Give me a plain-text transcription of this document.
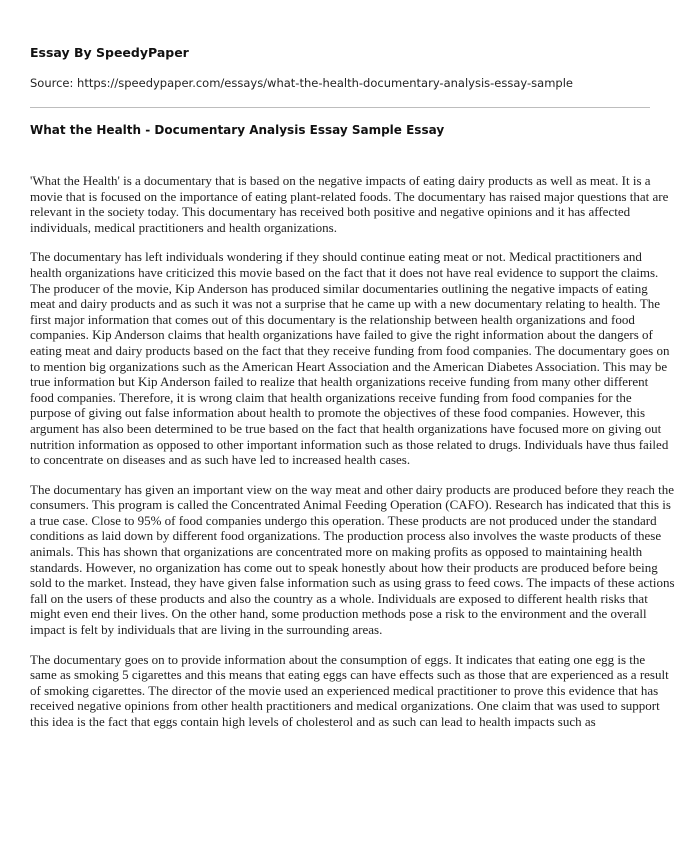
Essay By SpeedyPaper
Source: https://speedypaper.com/essays/what-the-health-documentary-analysis-essay-sample
What the Health - Documentary Analysis Essay Sample Essay

'What the Health' is a documentary that is based on the negative impacts of eating dairy products as well as meat. It is a movie that is focused on the importance of eating plant-related foods. The documentary has raised major questions that are relevant in the society today. This documentary has received both positive and negative opinions and it has affected individuals, medical practitioners and health organizations.

The documentary has left individuals wondering if they should continue eating meat or not. Medical practitioners and health organizations have criticized this movie based on the fact that it does not have real evidence to support the claims. The producer of the movie, Kip Anderson has produced similar documentaries outlining the negative impacts of eating meat and dairy products and as such it was not a surprise that he came up with a new documentary relating to health. The first major information that comes out of this documentary is the relationship between health organizations and food companies. Kip Anderson claims that health organizations have failed to give the right information about the dangers of eating meat and dairy products based on the fact that they receive funding from food companies. The documentary goes on to mention big organizations such as the American Heart Association and the American Diabetes Association. This may be true information but Kip Anderson failed to realize that health organizations receive funding from many other different food companies. Therefore, it is wrong claim that health organizations receive funding from food companies for the purpose of giving out false information about health to promote the objectives of these food companies. However, this argument has also been determined to be true based on the fact that health organizations have focused more on giving out nutrition information as opposed to other important information such as those related to drugs. Individuals have thus failed to concentrate on diseases and as such have led to increased health cases.

The documentary has given an important view on the way meat and other dairy products are produced before they reach the consumers. This program is called the Concentrated Animal Feeding Operation (CAFO). Research has indicated that this is a true case. Close to 95% of food companies undergo this operation. These products are not produced under the standard conditions as laid down by different food organizations. The production process also involves the waste products of these animals. This has shown that organizations are concentrated more on making profits as opposed to maintaining health standards. However, no organization has come out to speak honestly about how their products are produced before being sold to the market. Instead, they have given false information such as using grass to feed cows. The impacts of these actions fall on the users of these products and also the country as a whole. Individuals are exposed to different health risks that might even end their lives. On the other hand, some production methods pose a risk to the environment and the overall impact is felt by individuals that are living in the surrounding areas.

The documentary goes on to provide information about the consumption of eggs. It indicates that eating one egg is the same as smoking 5 cigarettes and this means that eating eggs can have effects such as those that are experienced as a result of smoking cigarettes. The director of the movie used an experienced medical practitioner to prove this evidence that has received negative opinions from other health practitioners and medical organizations. One claim that was used to support this idea is the fact that eggs contain high levels of cholesterol and as such can lead to health impacts such as
